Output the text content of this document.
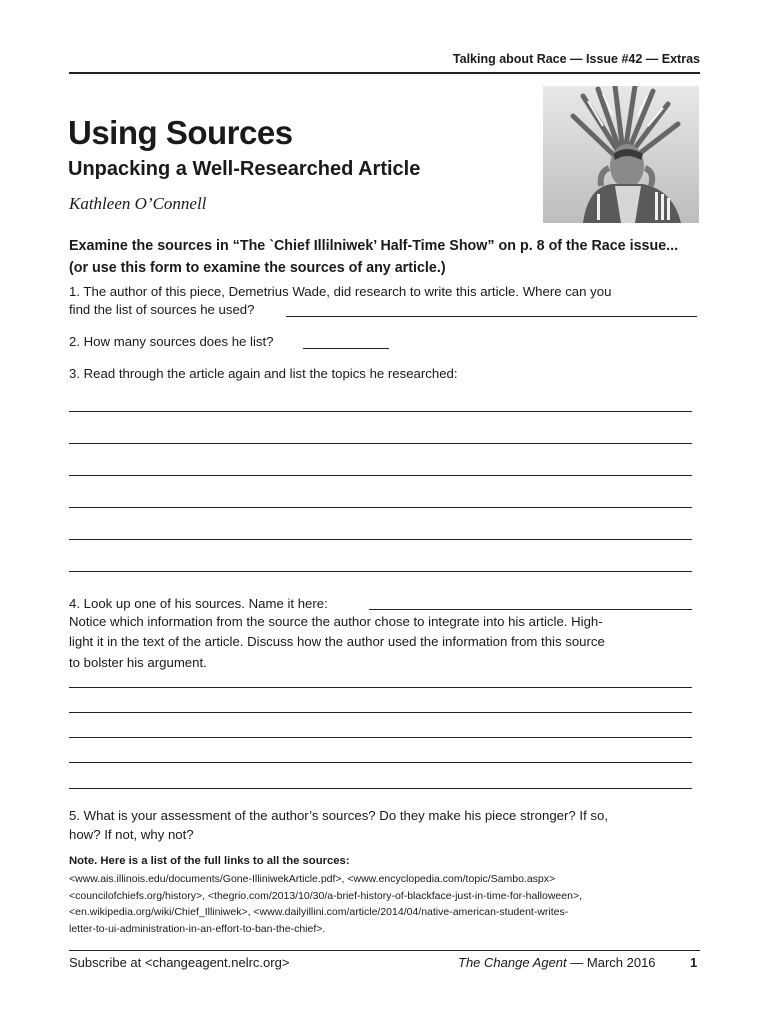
Talking about Race — Issue #42 — Extras
Using Sources
Unpacking a Well-Researched Article
Kathleen O’Connell
Examine the sources in “The `Chief Illilniwek’ Half-Time Show” on p. 8 of the Race issue...
(or use this form to examine the sources of any article.)
1. The author of this piece, Demetrius Wade, did research to write this article. Where can you
find the list of sources he used?
2. How many sources does he list?
3. Read through the article again and list the topics he researched:
4. Look up one of his sources. Name it here:
Notice which information from the source the author chose to integrate into his article. High-
light it in the text of the article. Discuss how the author used the information from this source
to bolster his argument.
5. What is your assessment of the author’s sources? Do they make his piece stronger? If so,
how? If not, why not?
Note. Here is a list of the full links to all the sources:
<www.ais.illinois.edu/documents/Gone-IlliniwekArticle.pdf>, <www.encyclopedia.com/topic/Sambo.aspx>
<councilofchiefs.org/history>, <thegrio.com/2013/10/30/a-brief-history-of-blackface-just-in-time-for-halloween>,
<en.wikipedia.org/wiki/Chief_Illiniwek>, <www.dailyillini.com/article/2014/04/native-american-student-writes-
letter-to-ui-administration-in-an-effort-to-ban-the-chief>.
Subscribe at <changeagent.nelrc.org>	The Change Agent — March 2016	1
